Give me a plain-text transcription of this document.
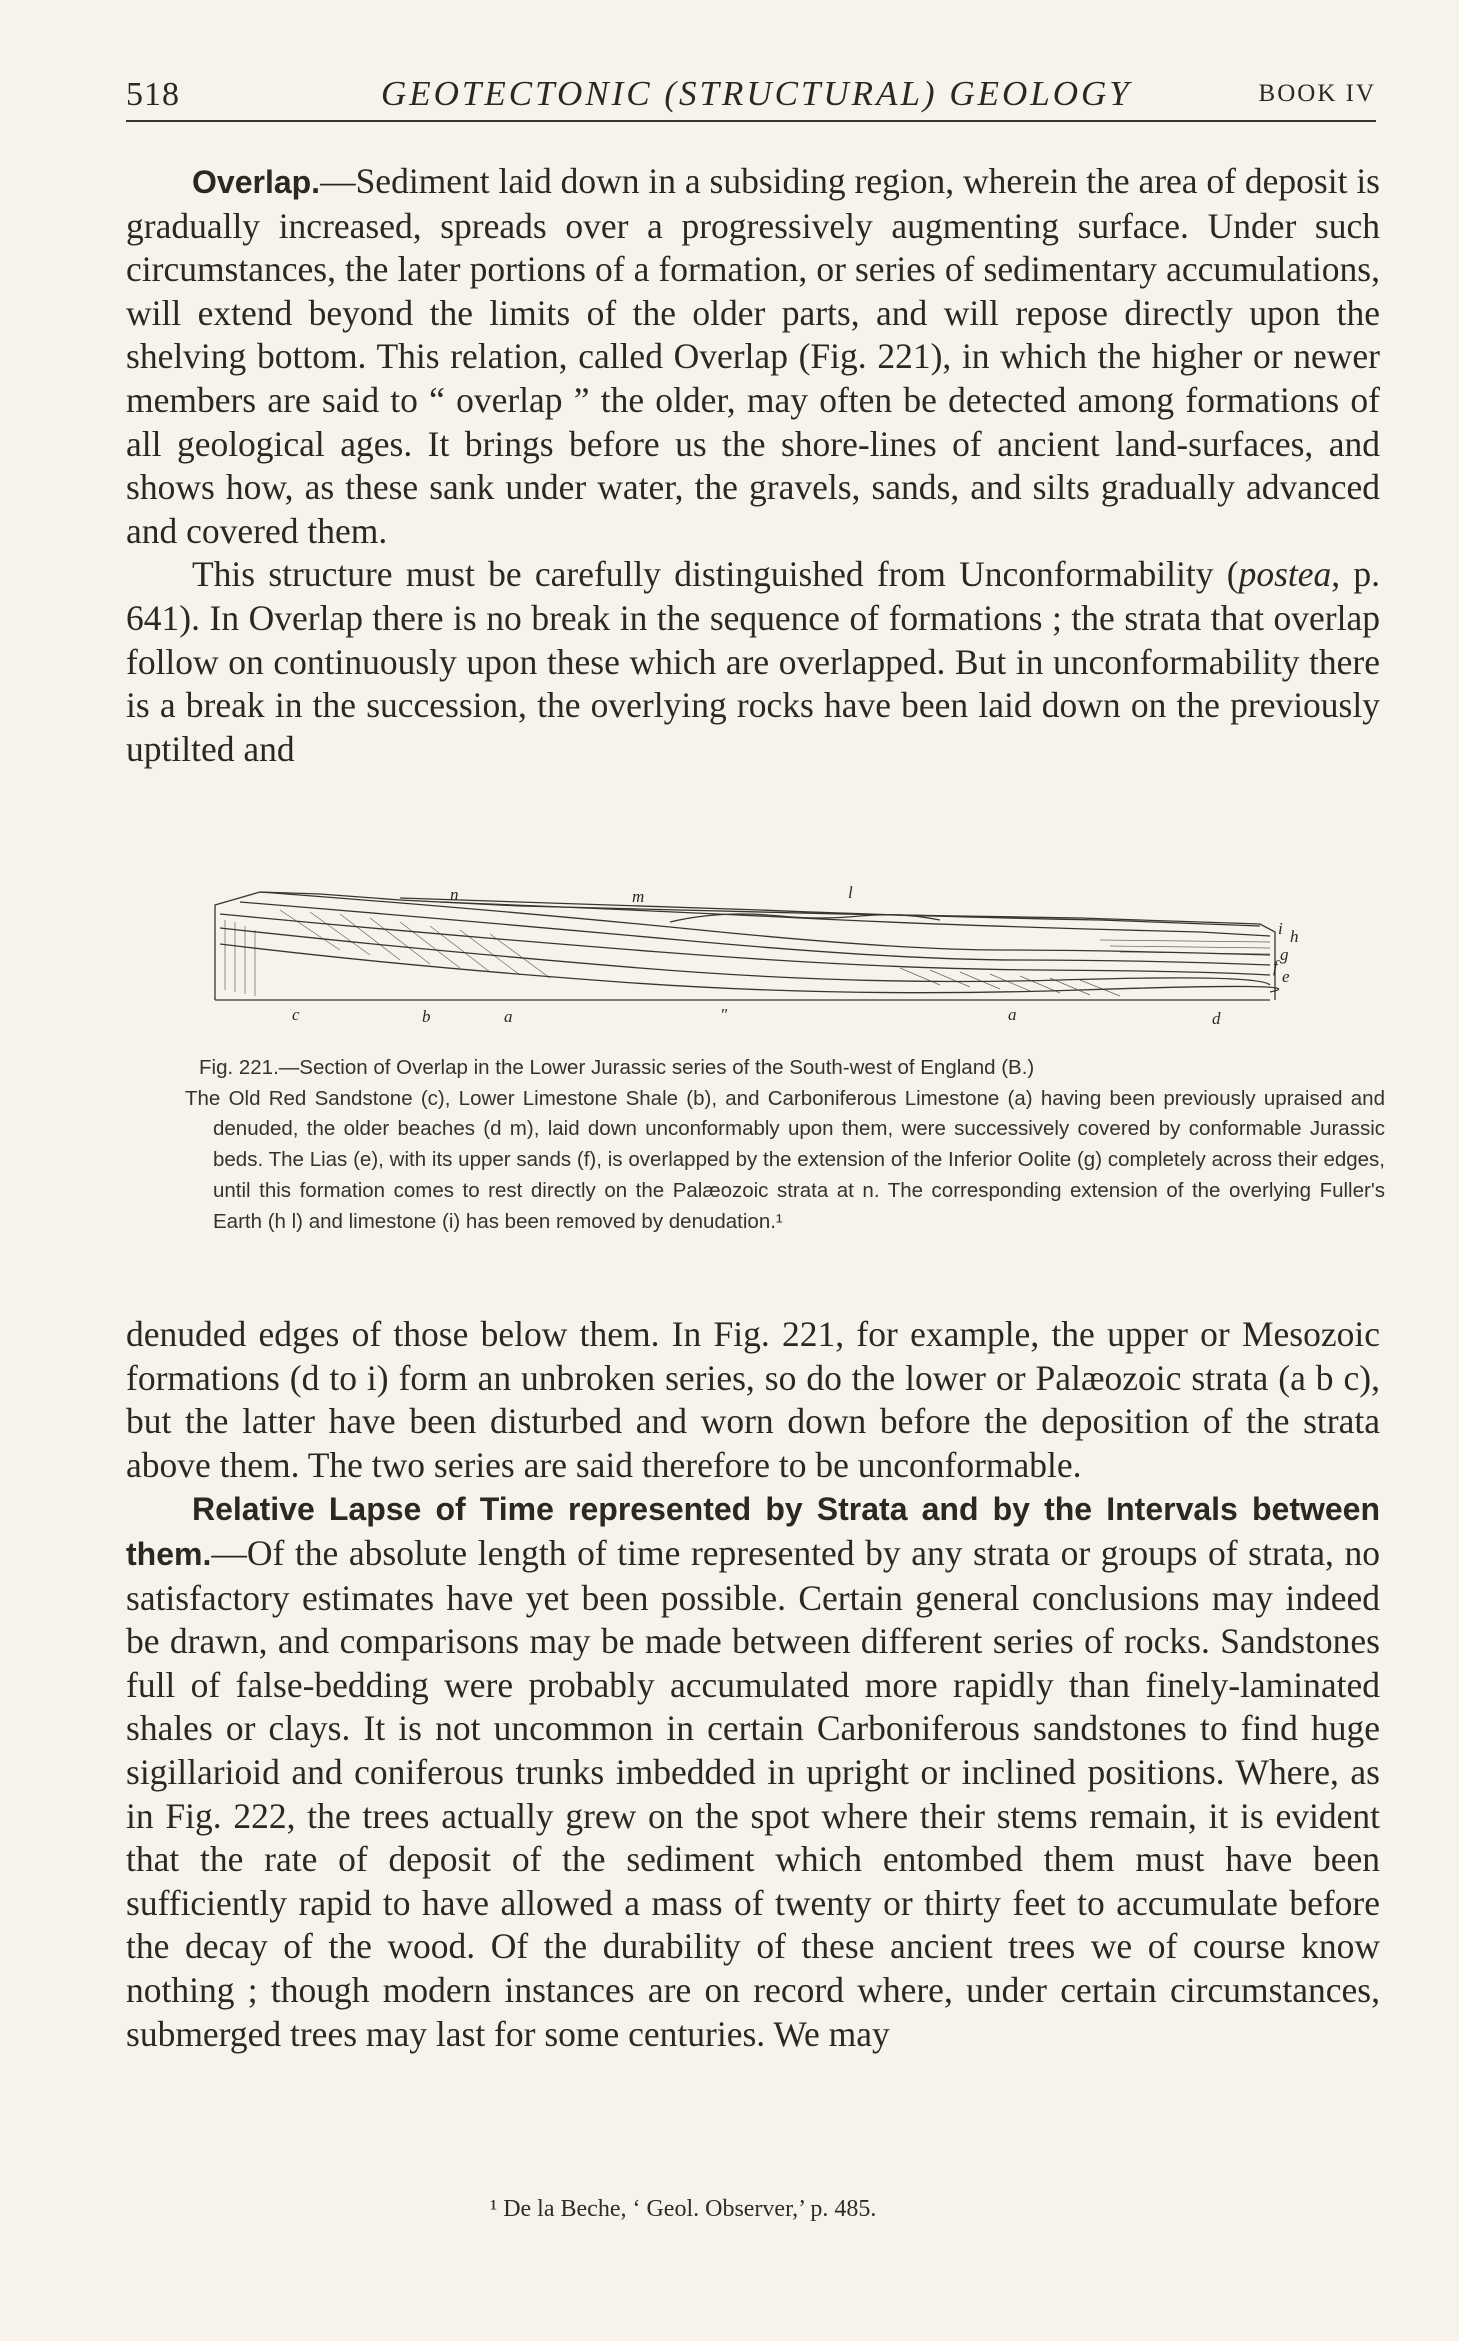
518	GEOTECTONIC (STRUCTURAL) GEOLOGY	BOOK IV

Overlap.—Sediment laid down in a subsiding region, wherein the area of deposit is gradually increased, spreads over a progressively augmenting surface. Under such circumstances, the later portions of a formation, or series of sedimentary accumulations, will extend beyond the limits of the older parts, and will repose directly upon the shelving bottom. This relation, called Overlap (Fig. 221), in which the higher or newer members are said to “ overlap ” the older, may often be detected among formations of all geological ages. It brings before us the shore-lines of ancient land-surfaces, and shows how, as these sank under water, the gravels, sands, and silts gradually advanced and covered them.

This structure must be carefully distinguished from Unconformability (postea, p. 641). In Overlap there is no break in the sequence of formations ; the strata that overlap follow on continuously upon these which are overlapped. But in unconformability there is a break in the succession, the overlying rocks have been laid down on the previously uptilted and

n	m	l
i h
g
f
e
c	b	a	"	a	d

Fig. 221.—Section of Overlap in the Lower Jurassic series of the South-west of England (B.)

The Old Red Sandstone (c), Lower Limestone Shale (b), and Carboniferous Limestone (a) having been previously upraised and denuded, the older beaches (d m), laid down unconformably upon them, were successively covered by conformable Jurassic beds. The Lias (e), with its upper sands (f), is overlapped by the extension of the Inferior Oolite (g) completely across their edges, until this formation comes to rest directly on the Palæozoic strata at n. The corresponding extension of the overlying Fuller's Earth (h l) and limestone (i) has been removed by denudation.¹

denuded edges of those below them. In Fig. 221, for example, the upper or Mesozoic formations (d to i) form an unbroken series, so do the lower or Palæozoic strata (a b c), but the latter have been disturbed and worn down before the deposition of the strata above them. The two series are said therefore to be unconformable.

Relative Lapse of Time represented by Strata and by the Intervals between them.—Of the absolute length of time represented by any strata or groups of strata, no satisfactory estimates have yet been possible. Certain general conclusions may indeed be drawn, and comparisons may be made between different series of rocks. Sandstones full of false-bedding were probably accumulated more rapidly than finely-laminated shales or clays. It is not uncommon in certain Carboniferous sandstones to find huge sigillarioid and coniferous trunks imbedded in upright or inclined positions. Where, as in Fig. 222, the trees actually grew on the spot where their stems remain, it is evident that the rate of deposit of the sediment which entombed them must have been sufficiently rapid to have allowed a mass of twenty or thirty feet to accumulate before the decay of the wood. Of the durability of these ancient trees we of course know nothing ; though modern instances are on record where, under certain circumstances, submerged trees may last for some centuries. We may

¹ De la Beche, ‘ Geol. Observer,’ p. 485.
